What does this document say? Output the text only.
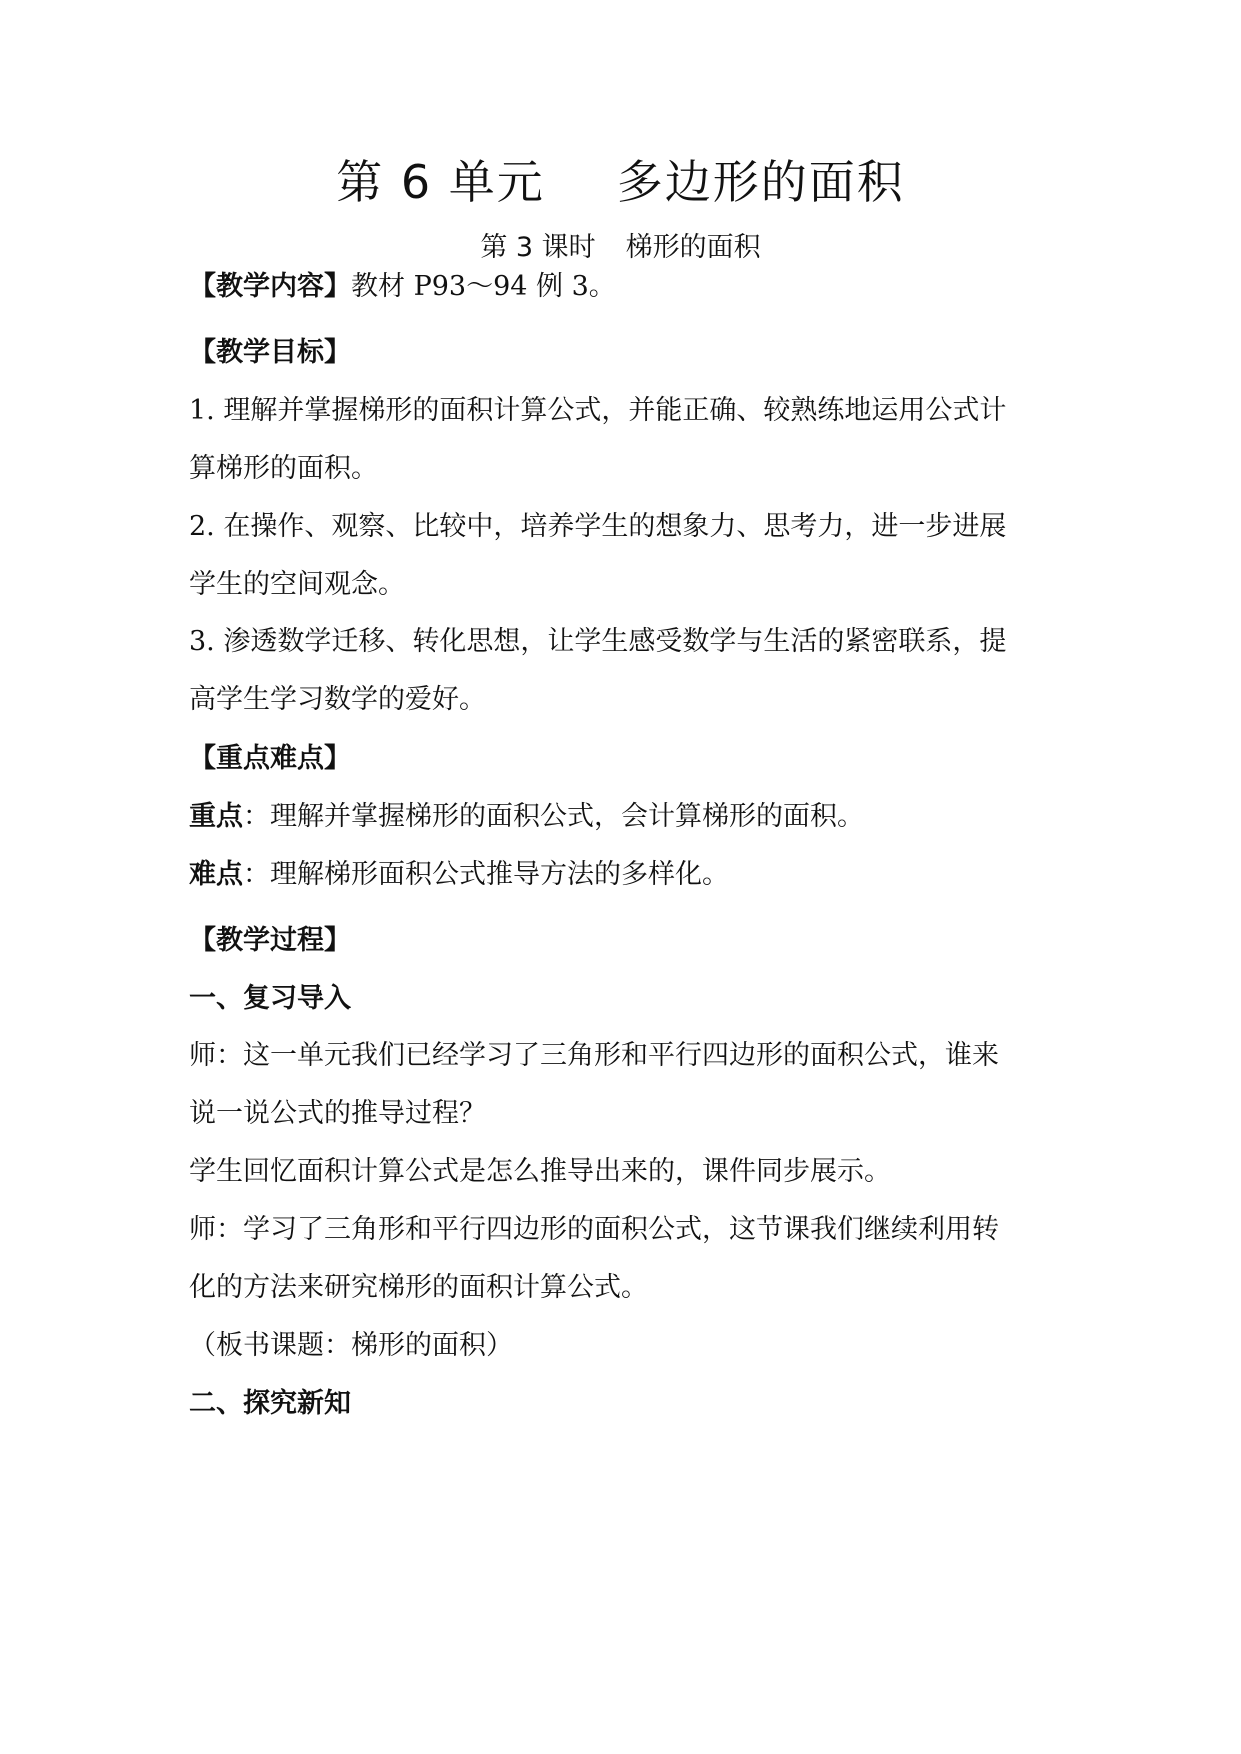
第 6 单元 多边形的面积
第 3 课时 梯形的面积

【教学内容】教材 P93～94 例 3。

【教学目标】

1. 理解并掌握梯形的面积计算公式，并能正确、较熟练地运用公式计

算梯形的面积。

2. 在操作、观察、比较中，培养学生的想象力、思考力，进一步进展

学生的空间观念。

3. 渗透数学迁移、转化思想，让学生感受数学与生活的紧密联系，提

高学生学习数学的爱好。

【重点难点】

重点：理解并掌握梯形的面积公式，会计算梯形的面积。

难点：理解梯形面积公式推导方法的多样化。

【教学过程】

一、复习导入

师：这一单元我们已经学习了三角形和平行四边形的面积公式，谁来

说一说公式的推导过程？

学生回忆面积计算公式是怎么推导出来的，课件同步展示。

师：学习了三角形和平行四边形的面积公式，这节课我们继续利用转

化的方法来研究梯形的面积计算公式。

（板书课题：梯形的面积）

二、探究新知
